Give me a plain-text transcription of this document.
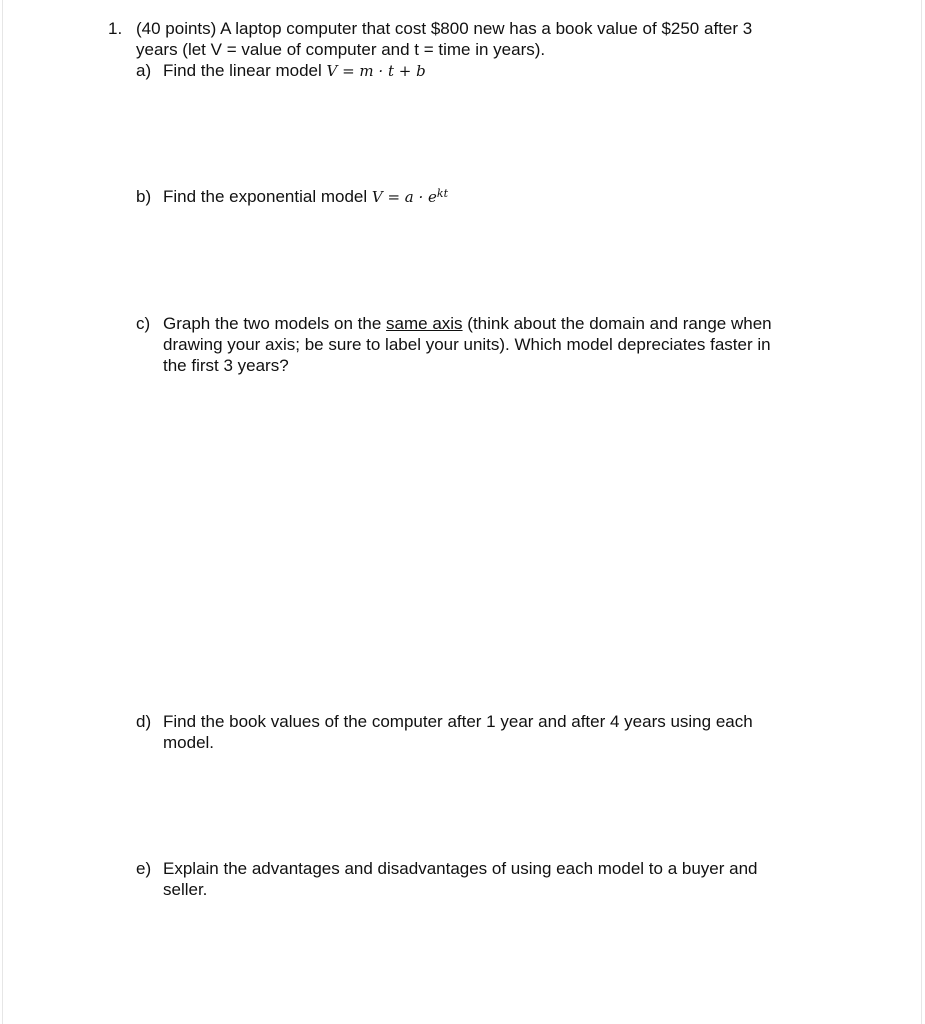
1. (40 points) A laptop computer that cost $800 new has a book value of $250 after 3
years (let V = value of computer and t = time in years).
a) Find the linear model V = m · t + b
b) Find the exponential model $V = a \cdot e^{kt}$
c) Graph the two models on the same axis (think about the domain and range when
drawing your axis; be sure to label your units). Which model depreciates faster in
the first 3 years?
d) Find the book values of the computer after 1 year and after 4 years using each
model.
e) Explain the advantages and disadvantages of using each model to a buyer and
seller.
